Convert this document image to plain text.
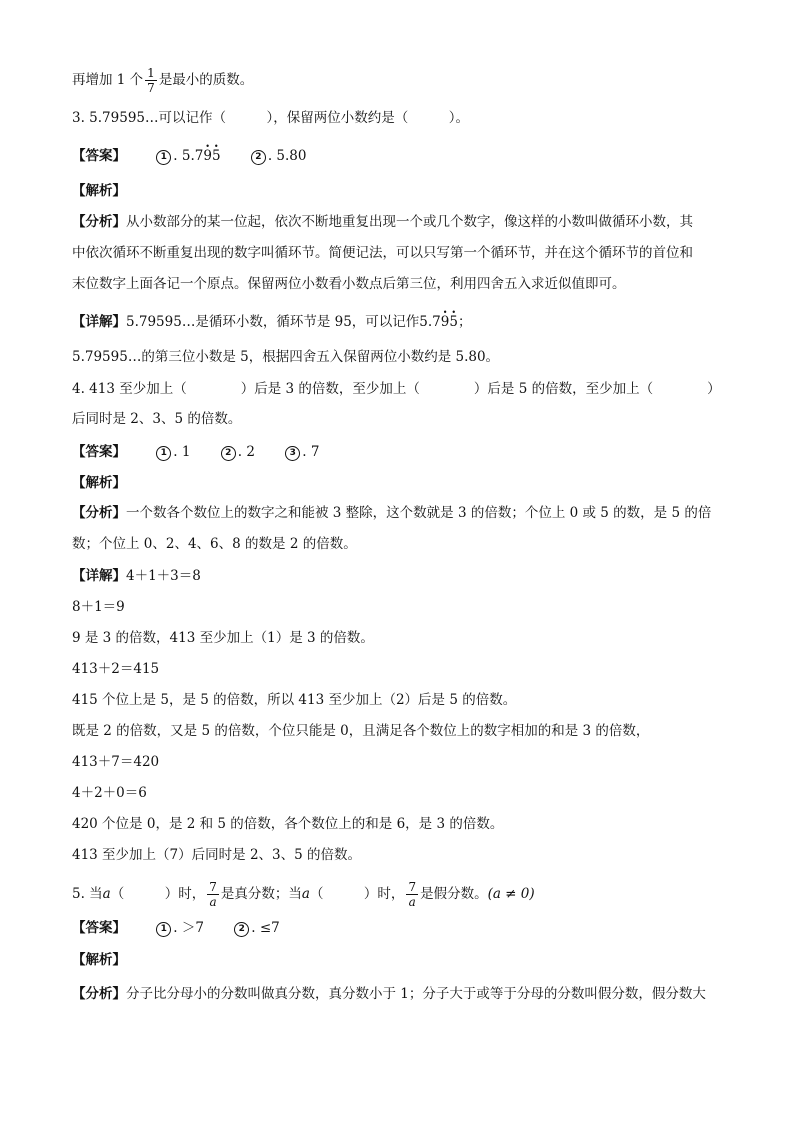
再增加 1 个 $\frac{1}{7}$ 是最小的质数。
3. 5.79595…可以记作（　　　），保留两位小数约是（　　　）。
【答案】	1 . 5.7• 9• 5	2 . 5.80
【解析】
【分析】从小数部分的某一位起，依次不断地重复出现一个或几个数字，像这样的小数叫做循环小数，其
中依次循环不断重复出现的数字叫循环节。简便记法，可以只写第一个循环节，并在这个循环节的首位和
末位数字上面各记一个原点。保留两位小数看小数点后第三位，利用四舍五入求近似值即可。
【详解】5.79595…是循环小数，循环节是 95，可以记作5.7• 9• 5；
5.79595…的第三位小数是 5，根据四舍五入保留两位小数约是 5.80。
4. 413 至少加上（　　　　）后是 3 的倍数，至少加上（　　　　）后是 5 的倍数，至少加上（　　　　）
后同时是 2、3、5 的倍数。
【答案】	1 . 1	2 . 2	3 . 7
【解析】
【分析】一个数各个数位上的数字之和能被 3 整除，这个数就是 3 的倍数；个位上 0 或 5 的数，是 5 的倍
数；个位上 0、2、4、6、8 的数是 2 的倍数。
【详解】4＋1＋3＝8
8＋1＝9
9 是 3 的倍数，413 至少加上（1）是 3 的倍数。
413＋2＝415
415 个位上是 5，是 5 的倍数，所以 413 至少加上（2）后是 5 的倍数。
既是 2 的倍数，又是 5 的倍数，个位只能是 0，且满足各个数位上的数字相加的和是 3 的倍数，
413＋7＝420
4＋2＋0＝6
420 个位是 0，是 2 和 5 的倍数，各个数位上的和是 6，是 3 的倍数。
413 至少加上（7）后同时是 2、3、5 的倍数。
5. 当a（　　　）时， $\frac{7}{a}$ 是真分数；当a（　　　）时， $\frac{7}{a}$ 是假分数。(a ≠ 0)
【答案】	1 . ＞7	2 . ≤7
【解析】
【分析】分子比分母小的分数叫做真分数，真分数小于 1；分子大于或等于分母的分数叫假分数，假分数大
